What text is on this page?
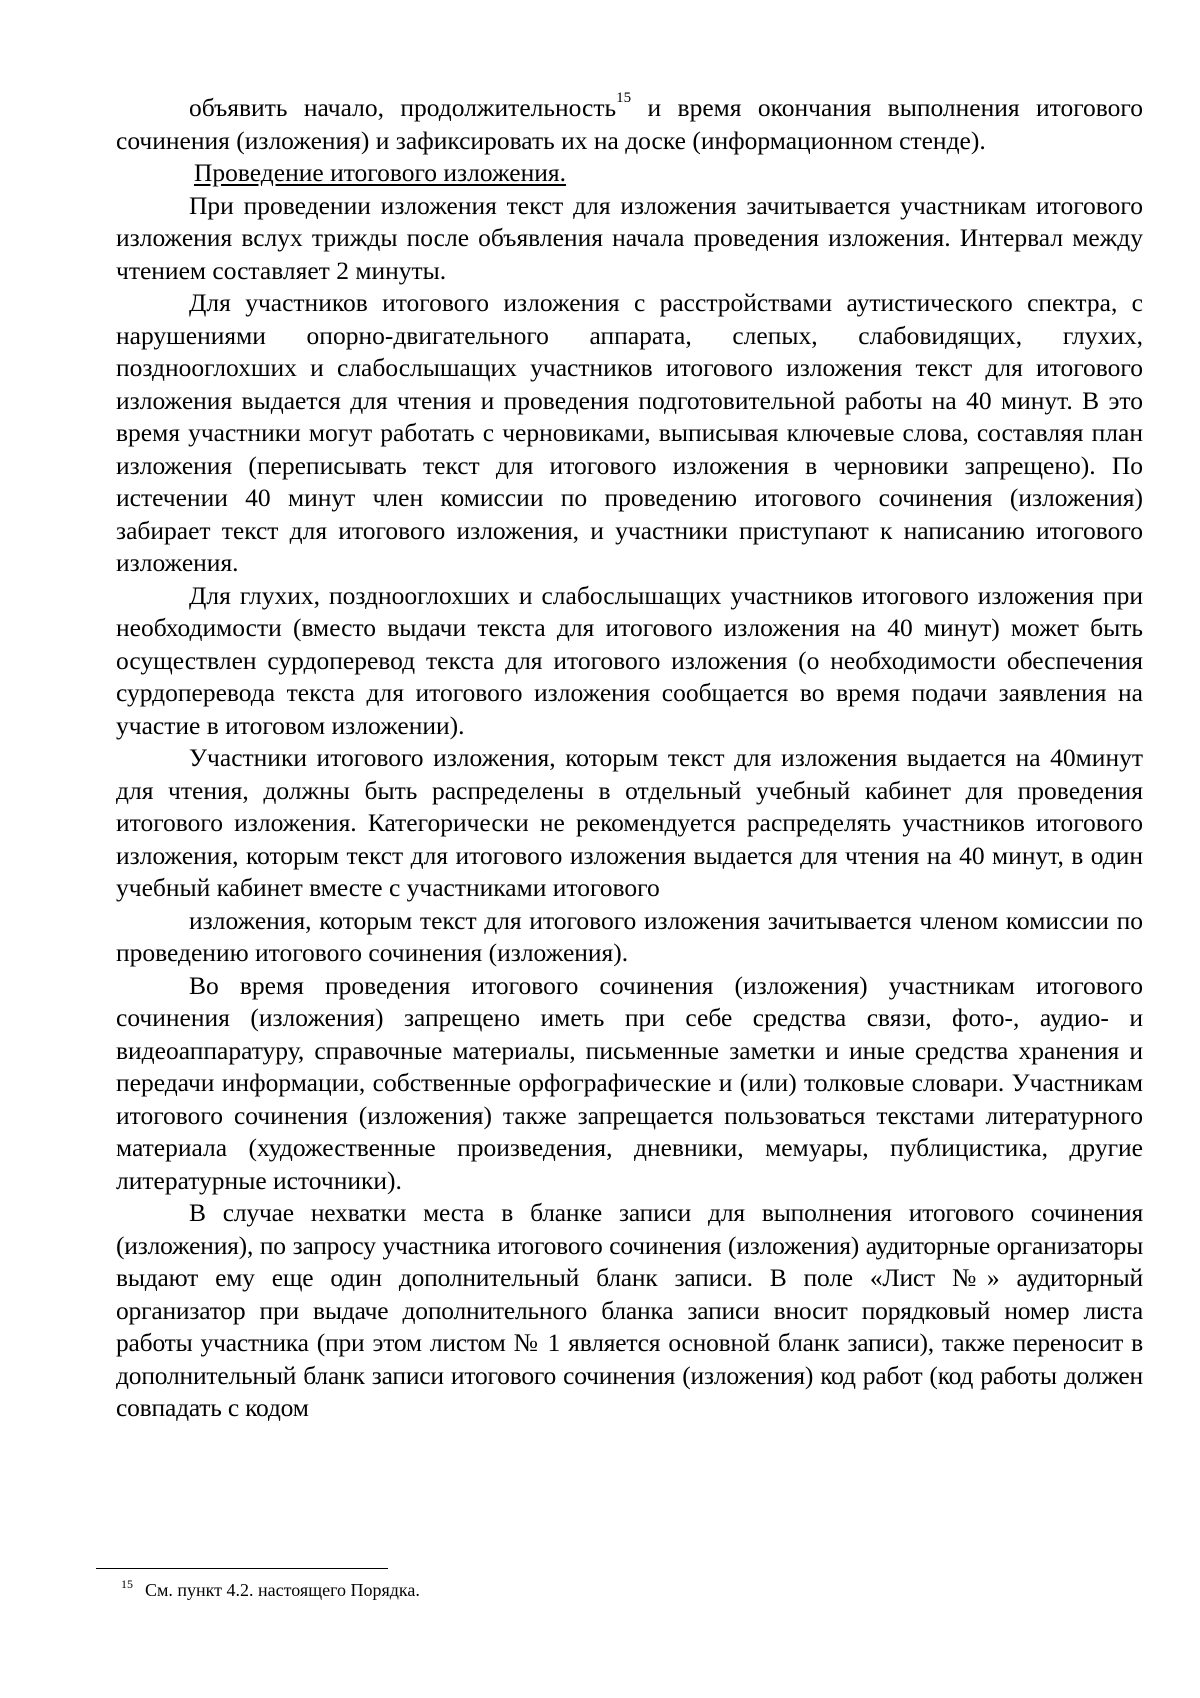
объявить начало, продолжительность$^{15}$ и время окончания выполнения итогового сочинения (изложения) и зафиксировать их на доске (информационном стенде).

Проведение итогового изложения.

При проведении изложения текст для изложения зачитывается участникам итогового изложения вслух трижды после объявления начала проведения изложения. Интервал между чтением составляет 2 минуты.

Для участников итогового изложения с расстройствами аутистического спектра, с нарушениями опорно-двигательного аппарата, слепых, слабовидящих, глухих, позднооглохших и слабослышащих участников итогового изложения текст для итогового изложения выдается для чтения и проведения подготовительной работы на 40 минут. В это время участники могут работать с черновиками, выписывая ключевые слова, составляя план изложения (переписывать текст для итогового изложения в черновики запрещено). По истечении 40 минут член комиссии по проведению итогового сочинения (изложения) забирает текст для итогового изложения, и участники приступают к написанию итогового изложения.

Для глухих, позднооглохших и слабослышащих участников итогового изложения при необходимости (вместо выдачи текста для итогового изложения на 40 минут) может быть осуществлен сурдоперевод текста для итогового изложения (о необходимости обеспечения сурдоперевода текста для итогового изложения сообщается во время подачи заявления на участие в итоговом изложении).

Участники итогового изложения, которым текст для изложения выдается на 40минут для чтения, должны быть распределены в отдельный учебный кабинет для проведения итогового изложения. Категорически не рекомендуется распределять участников итогового изложения, которым текст для итогового изложения выдается для чтения на 40 минут, в один учебный кабинет вместе с участниками итогового

изложения, которым текст для итогового изложения зачитывается членом комиссии по проведению итогового сочинения (изложения).

Во время проведения итогового сочинения (изложения) участникам итогового сочинения (изложения) запрещено иметь при себе средства связи, фото-, аудио- и видеоаппаратуру, справочные материалы, письменные заметки и иные средства хранения и передачи информации, собственные орфографические и (или) толковые словари. Участникам итогового сочинения (изложения) также запрещается пользоваться текстами литературного материала (художественные произведения, дневники, мемуары, публицистика, другие литературные источники).

В случае нехватки места в бланке записи для выполнения итогового сочинения (изложения), по запросу участника итогового сочинения (изложения) аудиторные организаторы выдают ему еще один дополнительный бланк записи. В поле «Лист №» аудиторный организатор при выдаче дополнительного бланка записи вносит порядковый номер листа работы участника (при этом листом № 1 является основной бланк записи), также переносит в дополнительный бланк записи итогового сочинения (изложения) код работ (код работы должен совпадать с кодом

$^{15}$ См. пункт 4.2. настоящего Порядка.
